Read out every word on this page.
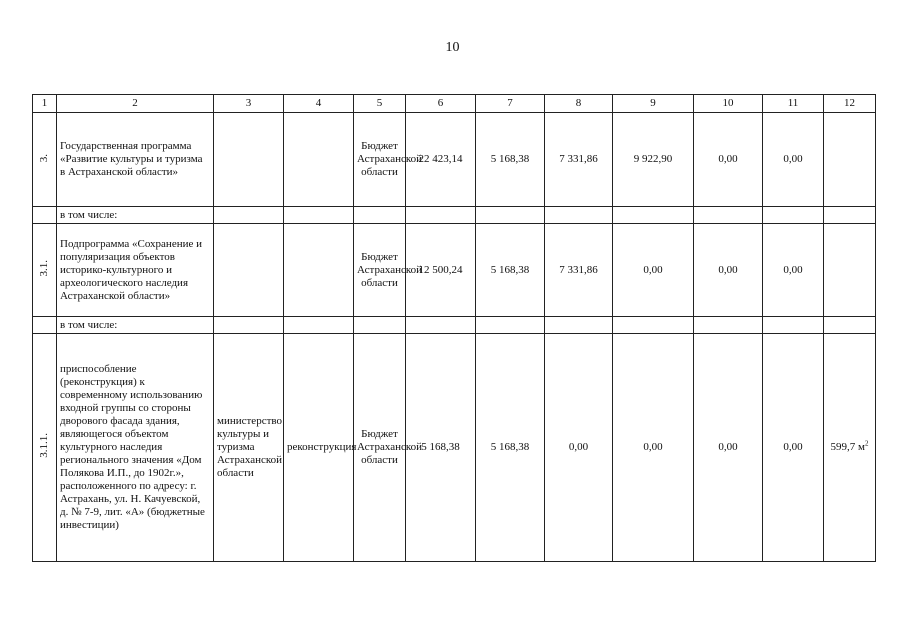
10
1	2	3	4	5	6	7	8	9	10	11	12
3.	Государственная программа «Развитие культуры и туризма в Астраханской области»			Бюджет Астраханской области	22 423,14	5 168,38	7 331,86	9 922,90	0,00	0,00	
	в том числе:										
3.1.	Подпрограмма «Сохранение и популяризация объектов историко-культурного и археологического наследия Астраханской области»			Бюджет Астраханской области	12 500,24	5 168,38	7 331,86	0,00	0,00	0,00	
	в том числе:										
3.1.1.	приспособление (реконструкция) к современному использованию входной группы со стороны дворового фасада здания, являющегося объектом культурного наследия регионального значения «Дом Полякова И.П., до 1902г.», расположенного по адресу: г. Астрахань, ул. Н. Качуевской, д. № 7-9, лит. «А» (бюджетные инвестиции)	министерство культуры и туризма Астраханской области	реконструкция	Бюджет Астраханской области	5 168,38	5 168,38	0,00	0,00	0,00	0,00	599,7 $м^2$
